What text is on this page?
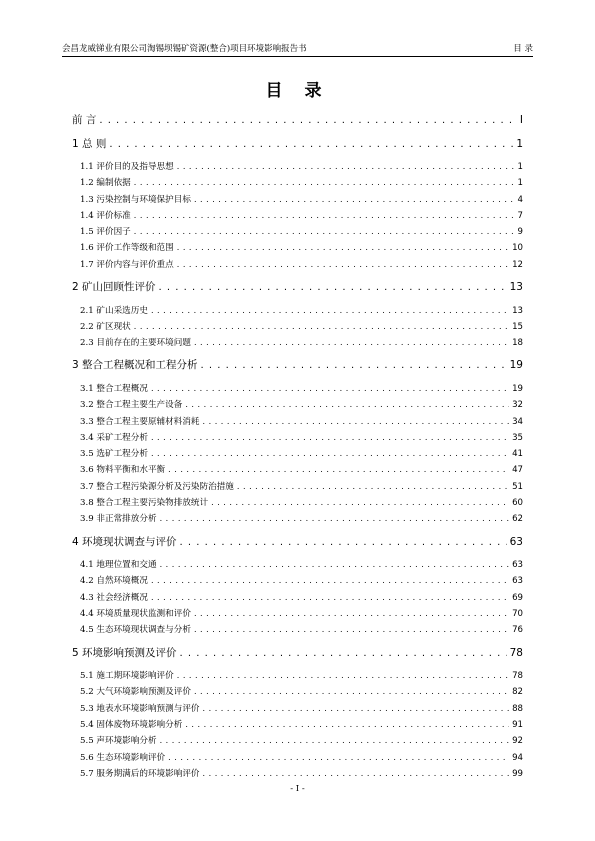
会昌龙威锑业有限公司淘锡坝锡矿资源(整合)项目环境影响报告书	目 录
目 录
前 言 . . .	I
1 总 则 . . .	1
1.1 评价目的及指导思想 . . .	1
1.2 编制依据 . . .	1
1.3 污染控制与环境保护目标 . . .	4
1.4 评价标准 . . .	7
1.5 评价因子 . . .	9
1.6 评价工作等级和范围 . . .	10
1.7 评价内容与评价重点 . . .	12
2 矿山回顾性评价 . . .	13
2.1 矿山采选历史 . . .	13
2.2 矿区现状 . . .	15
2.3 目前存在的主要环境问题 . . .	18
3 整合工程概况和工程分析 . . .	19
3.1 整合工程概况 . . .	19
3.2 整合工程主要生产设备 . . .	32
3.3 整合工程主要原辅材料消耗 . . .	34
3.4 采矿工程分析 . . .	35
3.5 选矿工程分析 . . .	41
3.6 物料平衡和水平衡 . . .	47
3.7 整合工程污染源分析及污染防治措施 . . .	51
3.8 整合工程主要污染物排放统计 . . .	60
3.9 非正常排放分析 . . .	62
4 环境现状调查与评价 . . .	63
4.1 地理位置和交通 . . .	63
4.2 自然环境概况 . . .	63
4.3 社会经济概况 . . .	69
4.4 环境质量现状监测和评价 . . .	70
4.5 生态环境现状调查与分析 . . .	76
5 环境影响预测及评价 . . .	78
5.1 施工期环境影响评价 . . .	78
5.2 大气环境影响预测及评价 . . .	82
5.3 地表水环境影响预测与评价 . . .	88
5.4 固体废物环境影响分析 . . .	91
5.5 声环境影响分析 . . .	92
5.6 生态环境影响评价 . . .	94
5.7 服务期满后的环境影响评价 . . .	99
- I -
